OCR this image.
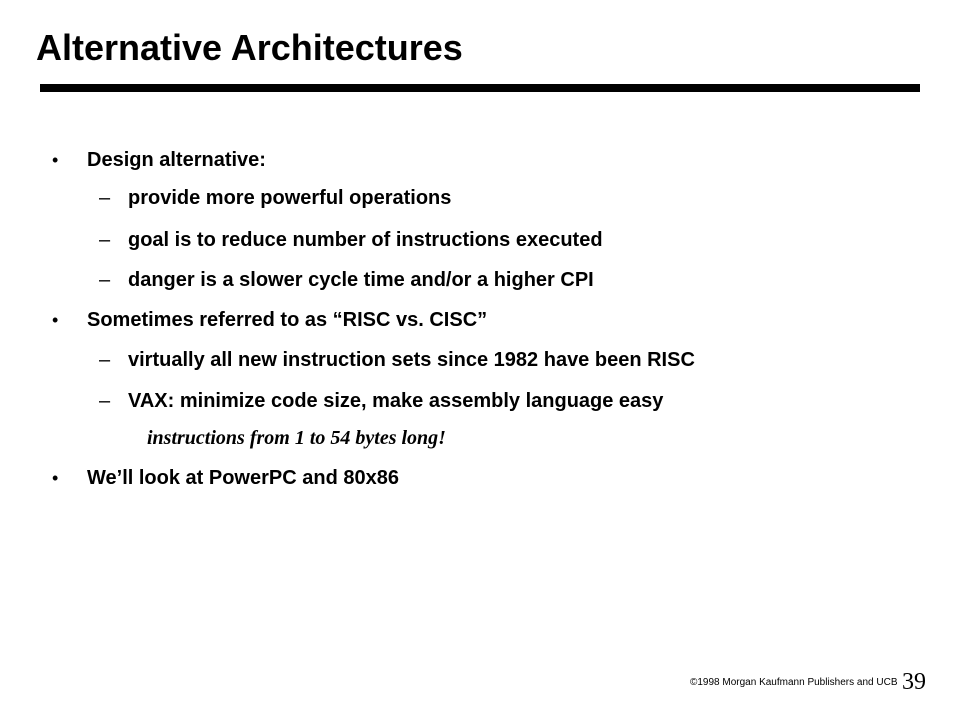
Alternative Architectures
• Design alternative:
– provide more powerful operations
– goal is to reduce number of instructions executed
– danger is a slower cycle time and/or a higher CPI
• Sometimes referred to as “RISC vs. CISC”
– virtually all new instruction sets since 1982 have been RISC
– VAX: minimize code size, make assembly language easy
instructions from 1 to 54 bytes long!
• We’ll look at PowerPC and 80x86
©1998 Morgan Kaufmann Publishers and UCB 39
